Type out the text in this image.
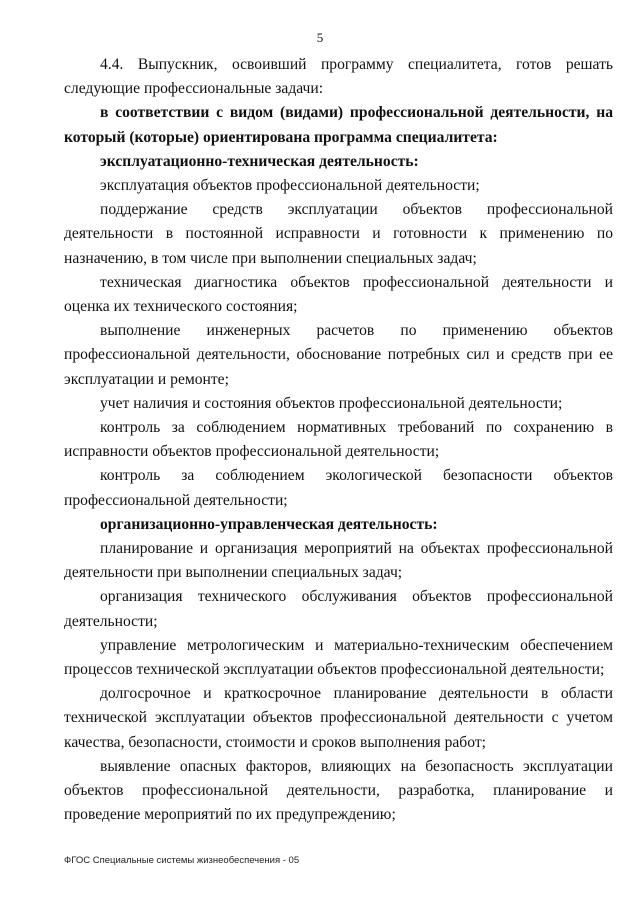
5

4.4. Выпускник, освоивший программу специалитета, готов решать следующие профессиональные задачи:

в соответствии с видом (видами) профессиональной деятельности, на который (которые) ориентирована программа специалитета:

эксплуатационно-техническая деятельность:

эксплуатация объектов профессиональной деятельности;

поддержание средств эксплуатации объектов профессиональной деятельности в постоянной исправности и готовности к применению по назначению, в том числе при выполнении специальных задач;

техническая диагностика объектов профессиональной деятельности и оценка их технического состояния;

выполнение инженерных расчетов по применению объектов профессиональной деятельности, обоснование потребных сил и средств при ее эксплуатации и ремонте;

учет наличия и состояния объектов профессиональной деятельности;

контроль за соблюдением нормативных требований по сохранению в исправности объектов профессиональной деятельности;

контроль за соблюдением экологической безопасности объектов профессиональной деятельности;

организационно-управленческая деятельность:

планирование и организация мероприятий на объектах профессиональной деятельности при выполнении специальных задач;

организация технического обслуживания объектов профессиональной деятельности;

управление метрологическим и материально-техническим обеспечением процессов технической эксплуатации объектов профессиональной деятельности;

долгосрочное и краткосрочное планирование деятельности в области технической эксплуатации объектов профессиональной деятельности с учетом качества, безопасности, стоимости и сроков выполнения работ;

выявление опасных факторов, влияющих на безопасность эксплуатации объектов профессиональной деятельности, разработка, планирование и проведение мероприятий по их предупреждению;

ФГОС Специальные системы жизнеобеспечения - 05
